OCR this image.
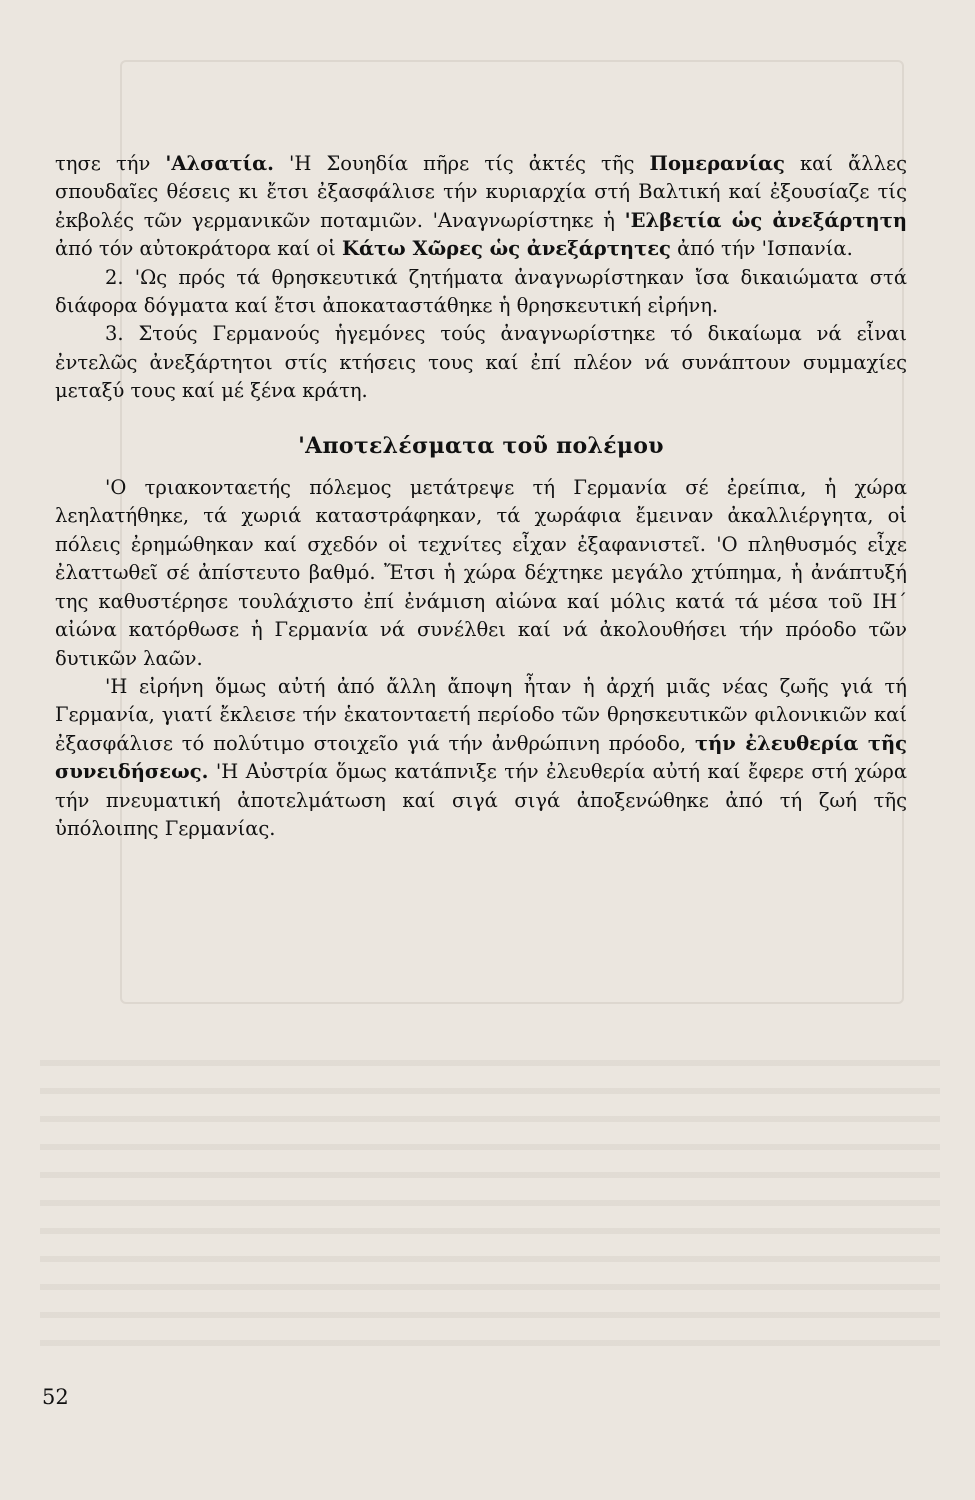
τησε τήν 'Αλσατία. 'Η Σουηδία πῆρε τίς ἀκτές τῆς Πομερανίας καί ἄλλες σπουδαῖες θέσεις κι ἔτσι ἐξασφάλισε τήν κυριαρχία στή Βαλτική καί ἐξουσίαζε τίς ἐκβολές τῶν γερμανικῶν ποταμιῶν. 'Αναγνωρίστηκε ἡ 'Ελβετία ὡς ἀνεξάρτητη ἀπό τόν αὐτοκράτορα καί οἱ Κάτω Χῶρες ὡς ἀνεξάρτητες ἀπό τήν 'Ισπανία.

2. 'Ως πρός τά θρησκευτικά ζητήματα ἀναγνωρίστηκαν ἴσα δικαιώματα στά διάφορα δόγματα καί ἔτσι ἀποκαταστάθηκε ἡ θρησκευτική εἰρήνη.

3. Στούς Γερμανούς ἡγεμόνες τούς ἀναγνωρίστηκε τό δικαίωμα νά εἶναι ἐντελῶς ἀνεξάρτητοι στίς κτήσεις τους καί ἐπί πλέον νά συνάπτουν συμμαχίες μεταξύ τους καί μέ ξένα κράτη.

'Αποτελέσματα τοῦ πολέμου

'Ο τριακονταετής πόλεμος μετάτρεψε τή Γερμανία σέ ἐρείπια, ἡ χώρα λεηλατήθηκε, τά χωριά καταστράφηκαν, τά χωράφια ἔμειναν ἀκαλλιέργητα, οἱ πόλεις ἐρημώθηκαν καί σχεδόν οἱ τεχνίτες εἶχαν ἐξαφανιστεῖ. 'Ο πληθυσμός εἶχε ἐλαττωθεῖ σέ ἀπίστευτο βαθμό. Ἔτσι ἡ χώρα δέχτηκε μεγάλο χτύπημα, ἡ ἀνάπτυξή της καθυστέρησε τουλάχιστο ἐπί ἐνάμιση αἰώνα καί μόλις κατά τά μέσα τοῦ ΙΗ΄ αἰώνα κατόρθωσε ἡ Γερμανία νά συνέλθει καί νά ἀκολουθήσει τήν πρόοδο τῶν δυτικῶν λαῶν.

'Η εἰρήνη ὅμως αὐτή ἀπό ἄλλη ἄποψη ἦταν ἡ ἀρχή μιᾶς νέας ζωῆς γιά τή Γερμανία, γιατί ἔκλεισε τήν ἑκατονταετή περίοδο τῶν θρησκευτικῶν φιλονικιῶν καί ἐξασφάλισε τό πολύτιμο στοιχεῖο γιά τήν ἀνθρώπινη πρόοδο, τήν ἐλευθερία τῆς συνειδήσεως. 'Η Αὐστρία ὅμως κατάπνιξε τήν ἐλευθερία αὐτή καί ἔφερε στή χώρα τήν πνευματική ἀποτελμάτωση καί σιγά σιγά ἀποξενώθηκε ἀπό τή ζωή τῆς ὑπόλοιπης Γερμανίας.

52
